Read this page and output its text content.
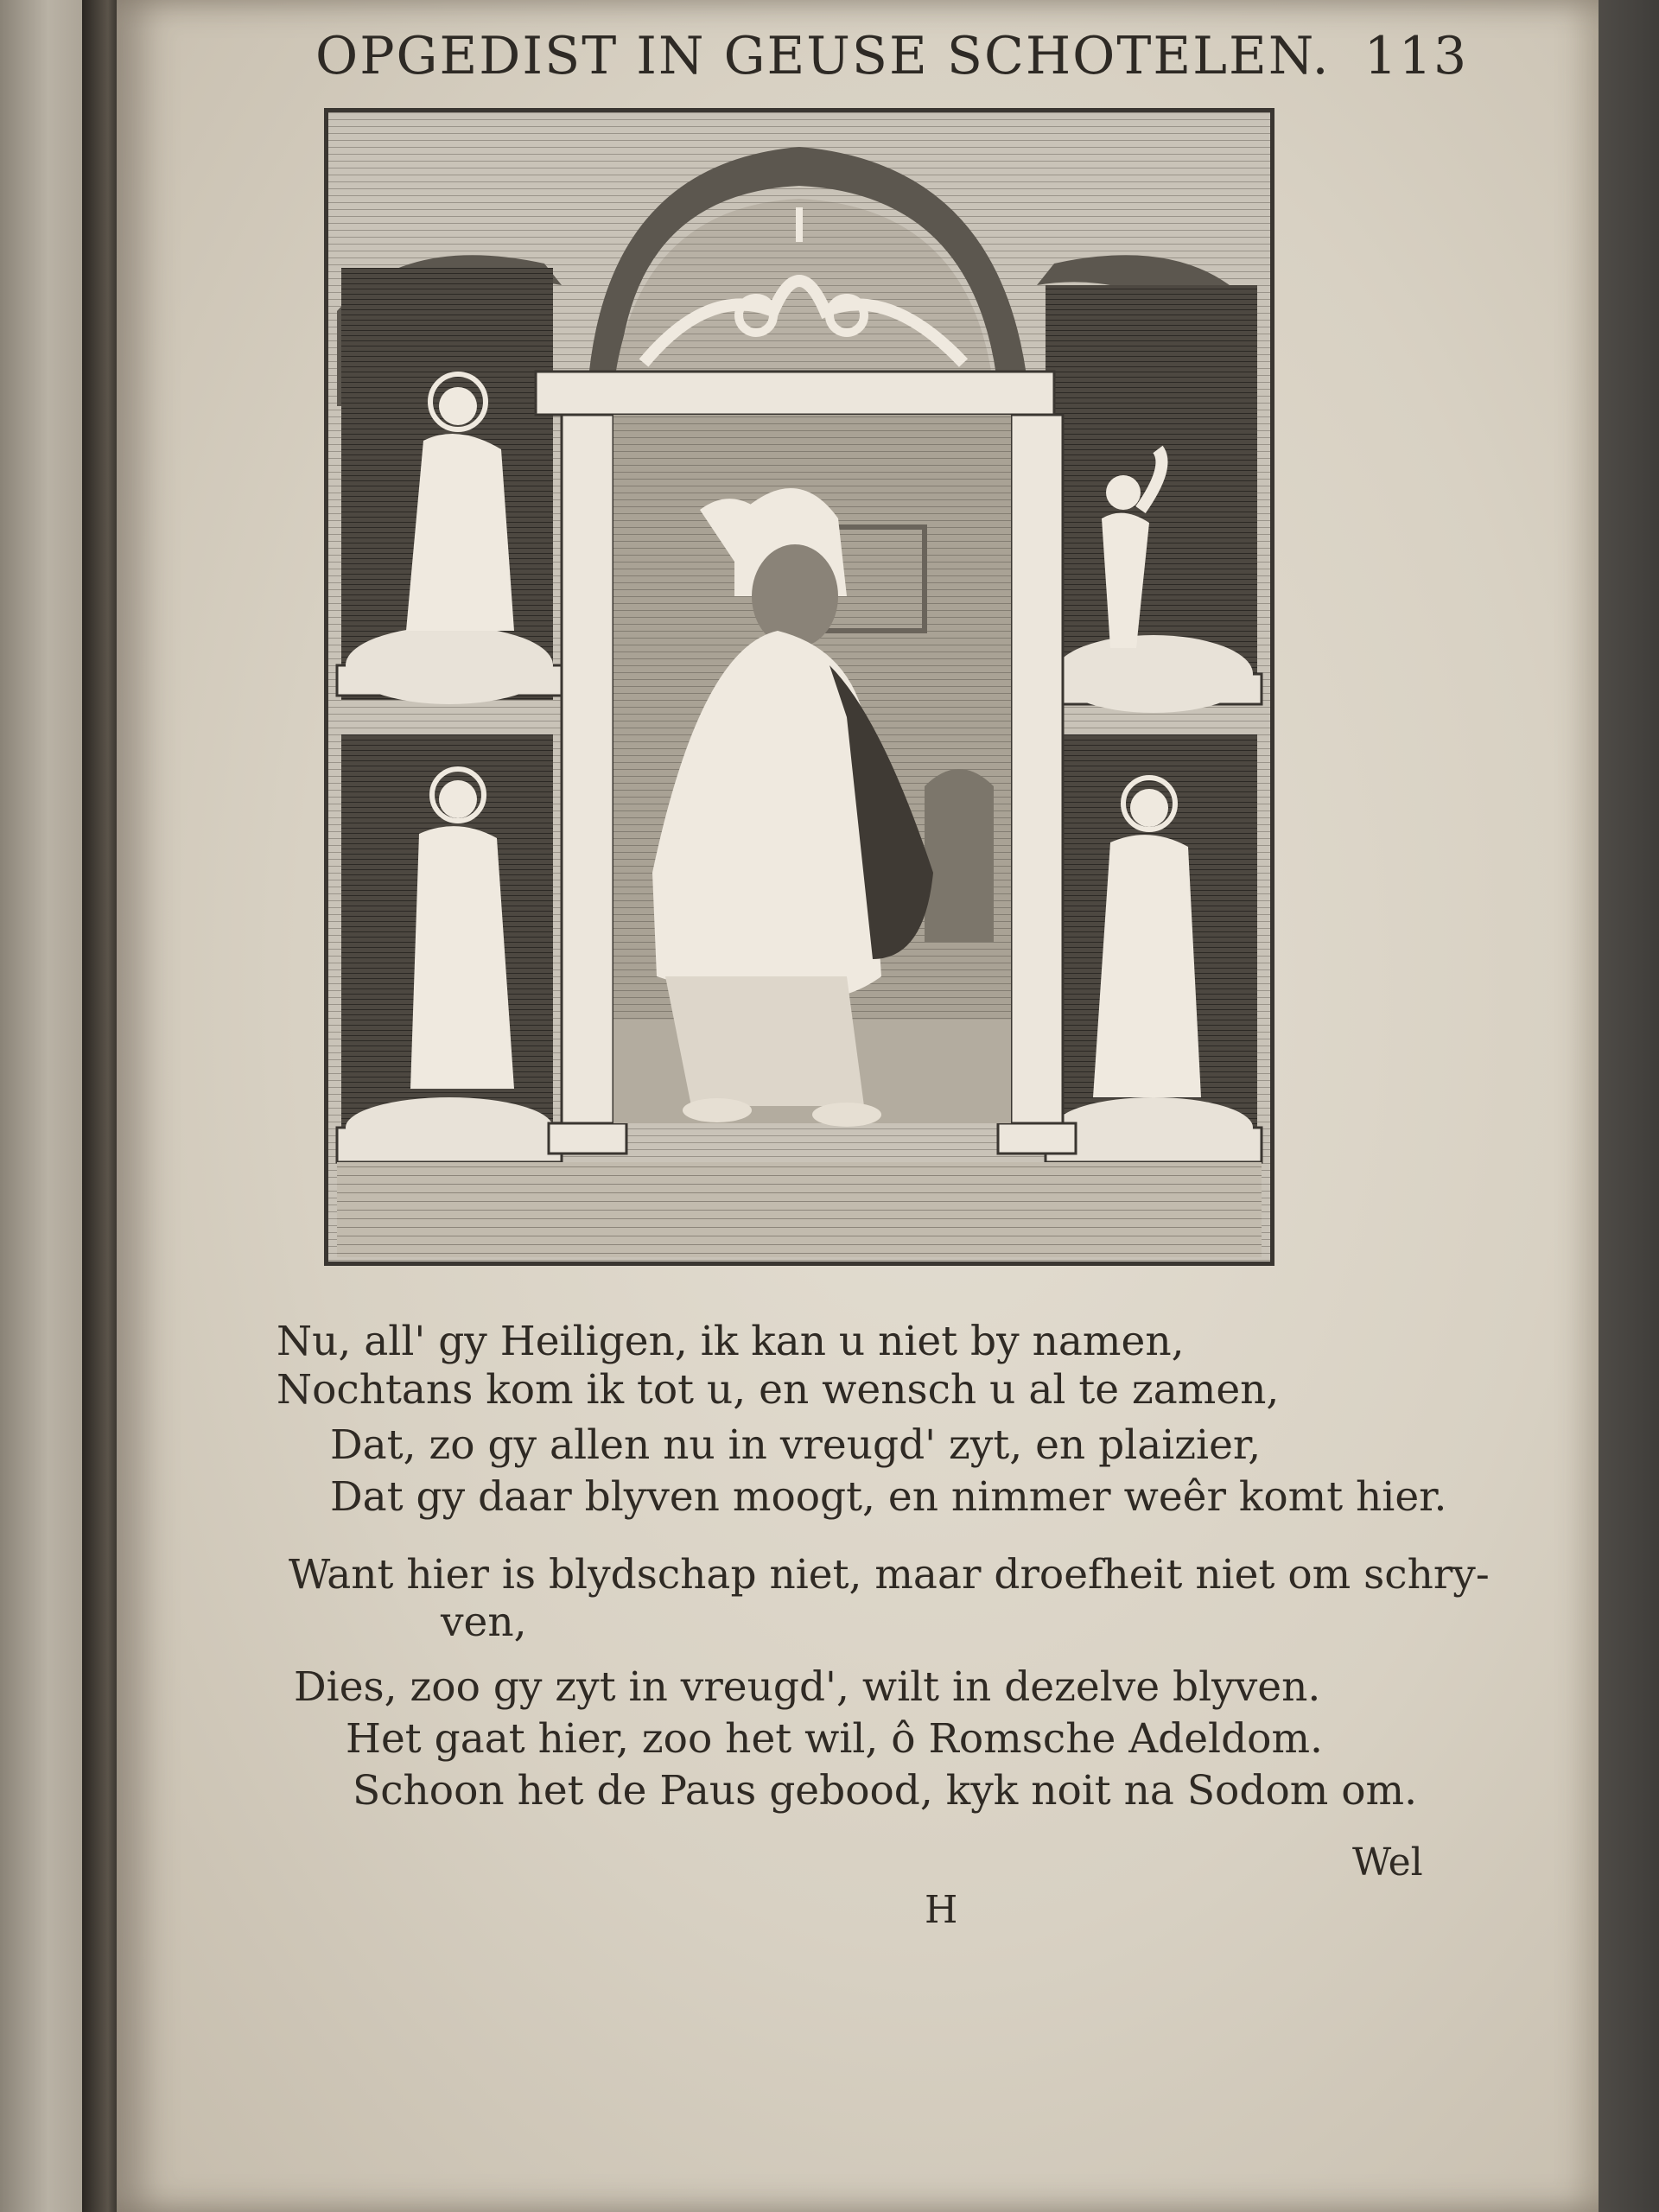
OPGEDIST IN GEUSE SCHOTELEN. 113
Nu, all' gy Heiligen, ik kan u niet by namen,
Nochtans kom ik tot u, en wensch u al te zamen,
Dat, zo gy allen nu in vreugd' zyt, en plaizier,
Dat gy daar blyven moogt, en nimmer weêr komt hier.
Want hier is blydschap niet, maar droefheit niet om schry-
ven,
Dies, zoo gy zyt in vreugd', wilt in dezelve blyven.
Het gaat hier, zoo het wil, ô Romsche Adeldom.
Schoon het de Paus gebood, kyk noit na Sodom om.
Wel
H
